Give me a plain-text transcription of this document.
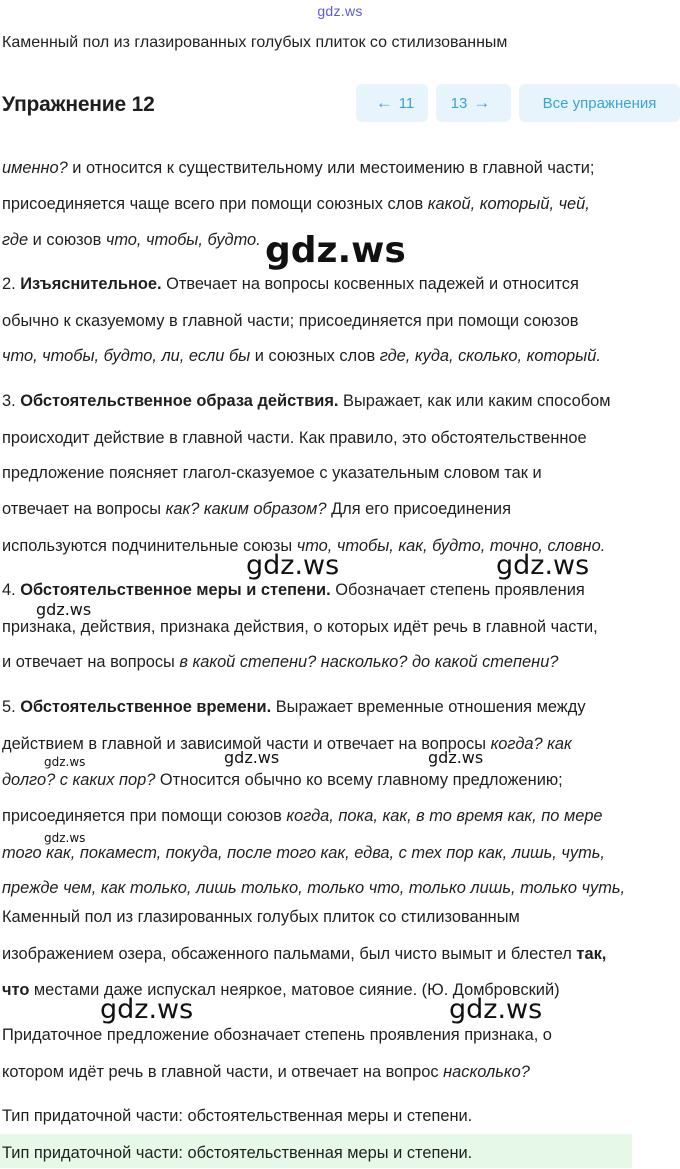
gdz.ws
Каменный пол из глазированных голубых плиток со стилизованным
Упражнение 12	← 11 13 →	Все упражнения
именно? и относится к существительному или местоимению в главной части;
присоединяется чаще всего при помощи союзных слов какой, который, чей,
где и союзов что, чтобы, будто.
2. Изъяснительное. Отвечает на вопросы косвенных падежей и относится
обычно к сказуемому в главной части; присоединяется при помощи союзов
что, чтобы, будто, ли, если бы и союзных слов где, куда, сколько, который.
3. Обстоятельственное образа действия. Выражает, как или каким способом
происходит действие в главной части. Как правило, это обстоятельственное
предложение поясняет глагол-сказуемое с указательным словом так и
отвечает на вопросы как? каким образом? Для его присоединения
используются подчинительные союзы что, чтобы, как, будто, точно, словно.
4. Обстоятельственное меры и степени. Обозначает степень проявления
признака, действия, признака действия, о которых идёт речь в главной части,
и отвечает на вопросы в какой степени? насколько? до какой степени?
5. Обстоятельственное времени. Выражает временные отношения между
действием в главной и зависимой части и отвечает на вопросы когда? как
долго? с каких пор? Относится обычно ко всему главному предложению;
присоединяется при помощи союзов когда, пока, как, в то время как, по мере
того как, покамест, покуда, после того как, едва, с тех пор как, лишь, чуть,
прежде чем, как только, лишь только, только что, только лишь, только чуть,
Каменный пол из глазированных голубых плиток со стилизованным
изображением озера, обсаженного пальмами, был чисто вымыт и блестел так,
что местами даже испускал неяркое, матовое сияние. (Ю. Домбровский)
Придаточное предложение обозначает степень проявления признака, о
котором идёт речь в главной части, и отвечает на вопрос насколько?
Тип придаточной части: обстоятельственная меры и степени.
Тип придаточной части: обстоятельственная меры и степени.
gdz.ws
gdz.ws	gdz.ws
gdz.ws
gdz.ws	gdz.ws
gdz.ws
gdz.ws
gdz.ws	gdz.ws
